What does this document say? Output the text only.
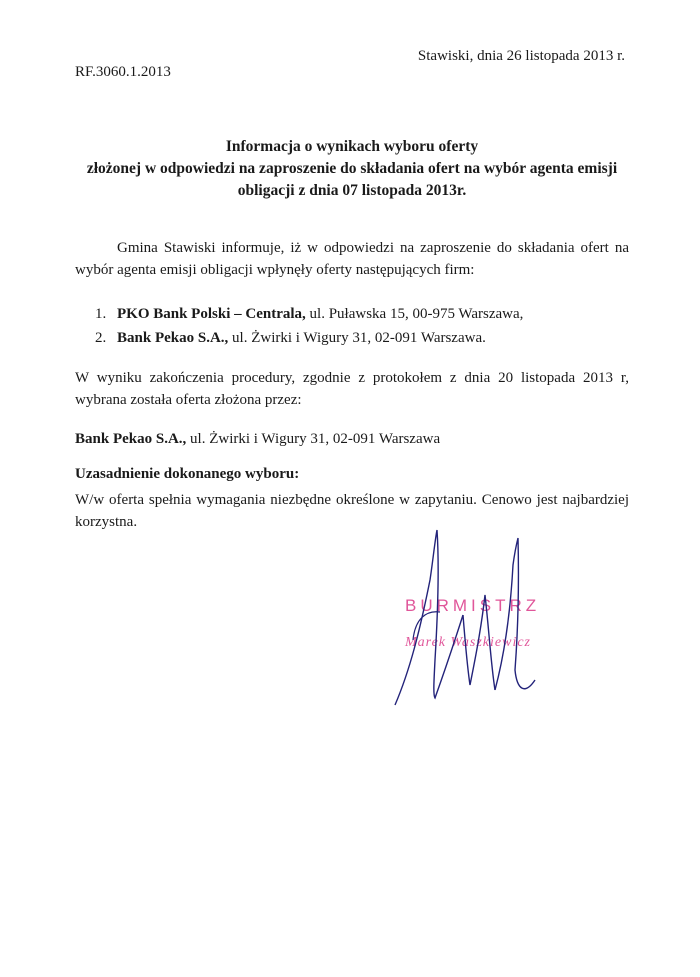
Stawiski, dnia 26 listopada 2013 r.
RF.3060.1.2013
Informacja o wynikach wyboru oferty
złożonej w odpowiedzi na zaproszenie do składania ofert na wybór agenta emisji
obligacji z dnia 07 listopada 2013r.
Gmina Stawiski informuje, iż w odpowiedzi na zaproszenie do składania ofert na wybór agenta emisji obligacji wpłynęły oferty następujących firm:
1. PKO Bank Polski – Centrala, ul. Puławska 15, 00-975 Warszawa,
2. Bank Pekao S.A., ul. Żwirki i Wigury 31, 02-091 Warszawa.
W wyniku zakończenia procedury, zgodnie z protokołem z dnia 20 listopada 2013 r, wybrana została oferta złożona przez:
Bank Pekao S.A., ul. Żwirki i Wigury 31, 02-091 Warszawa
Uzasadnienie dokonanego wyboru:
W/w oferta spełnia wymagania niezbędne określone w zapytaniu. Cenowo jest najbardziej korzystna.
BURMISTRZ
Marek Waszkiewicz
